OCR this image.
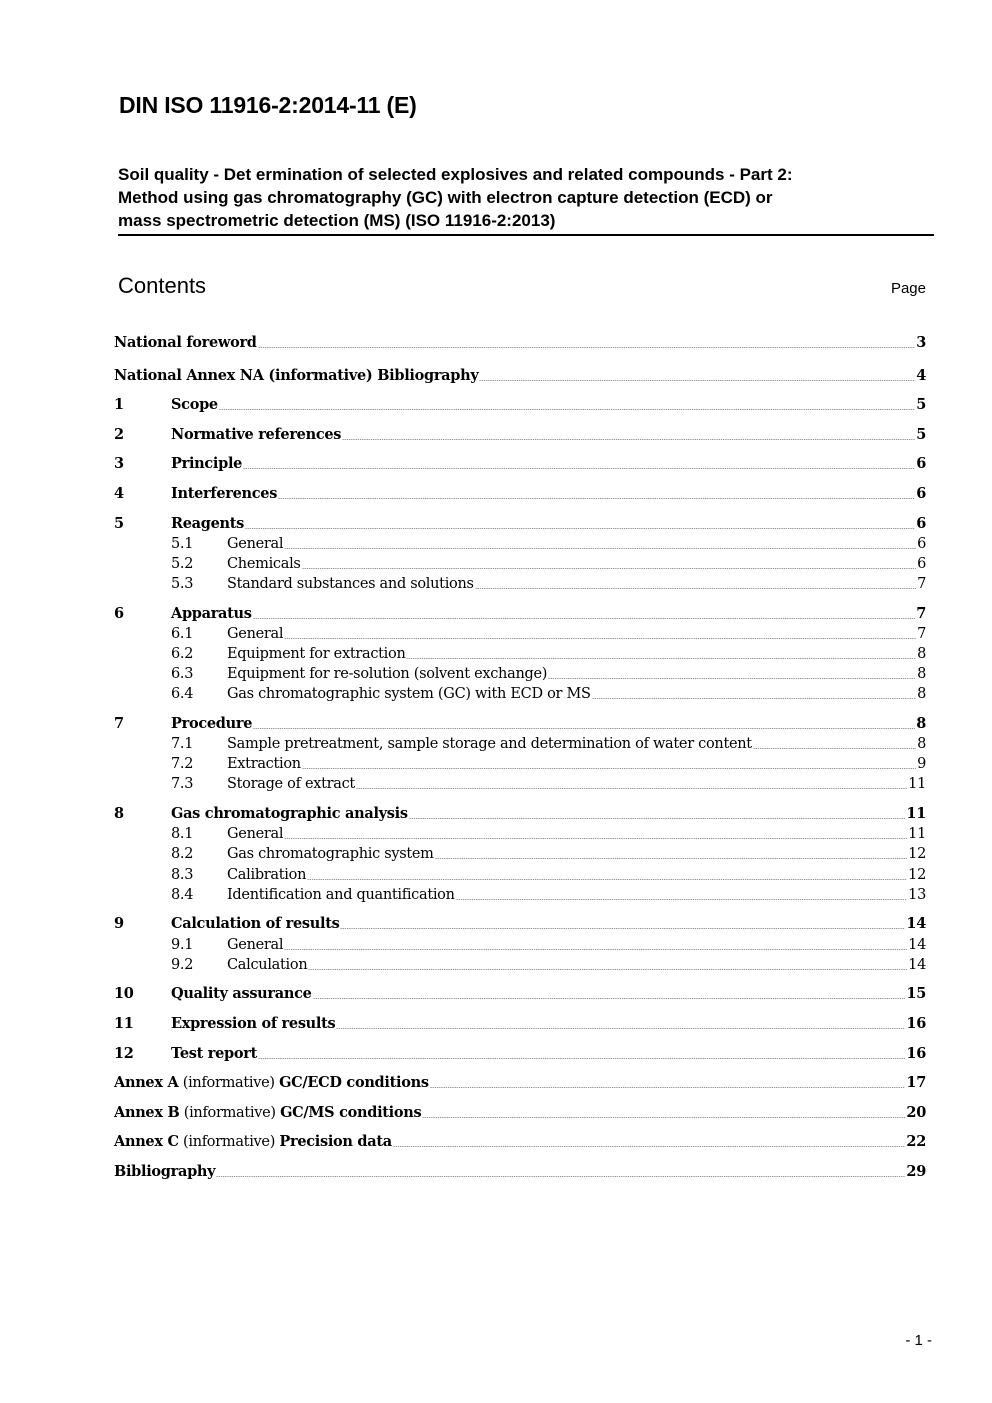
DIN ISO 11916-2:2014-11 (E)
Soil quality - Det ermination of selected explosives and related compounds - Part 2:
Method using gas chromatography (GC) with electron capture detection (ECD) or
mass spectrometric detection (MS) (ISO 11916-2:2013)
Contents	Page
National foreword	3
National Annex NA (informative) Bibliography	4
1	Scope	5
2	Normative references	5
3	Principle	6
4	Interferences	6
5	Reagents	6
5.1	General	6
5.2	Chemicals	6
5.3	Standard substances and solutions	7
6	Apparatus	7
6.1	General	7
6.2	Equipment for extraction	8
6.3	Equipment for re-solution (solvent exchange)	8
6.4	Gas chromatographic system (GC) with ECD or MS	8
7	Procedure	8
7.1	Sample pretreatment, sample storage and determination of water content	8
7.2	Extraction	9
7.3	Storage of extract	11
8	Gas chromatographic analysis	11
8.1	General	11
8.2	Gas chromatographic system	12
8.3	Calibration	12
8.4	Identification and quantification	13
9	Calculation of results	14
9.1	General	14
9.2	Calculation	14
10	Quality assurance	15
11	Expression of results	16
12	Test report	16
Annex A (informative) GC/ECD conditions	17
Annex B (informative) GC/MS conditions	20
Annex C (informative) Precision data	22
Bibliography	29
- 1 -
